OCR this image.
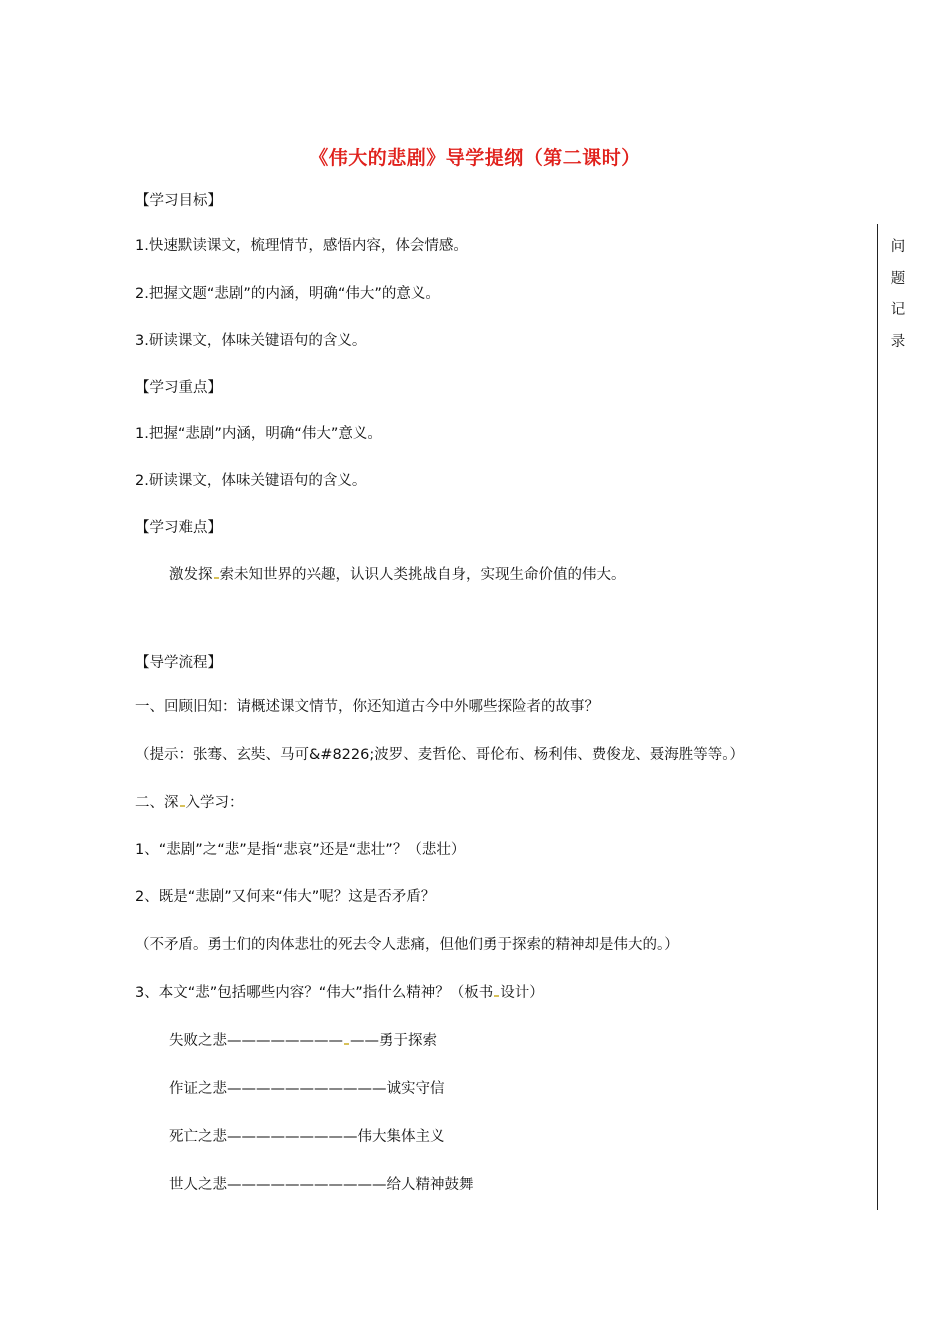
《伟大的悲剧》导学提纲（第二课时）
问
题
记
录
【学习目标】
1.快速默读课文，梳理情节，感悟内容，体会情感。
2.把握文题“悲剧”的内涵，明确“伟大”的意义。
3.研读课文，体味关键语句的含义。
【学习重点】
1.把握“悲剧”内涵，明确“伟大”意义。
2.研读课文，体味关键语句的含义。
【学习难点】
激发探 索未知世界的兴趣，认识人类挑战自身，实现生命价值的伟大。
【导学流程】
一、回顾旧知：请概述课文情节，你还知道古今中外哪些探险者的故事？
（提示：张骞、玄奘、马可&#8226;波罗、麦哲伦、哥伦布、杨利伟、费俊龙、聂海胜等等。）
二、深 入学习：
1、“悲剧”之“悲”是指“悲哀”还是“悲壮”？（悲壮）
2、既是“悲剧”又何来“伟大”呢？这是否矛盾？
（不矛盾。勇士们的肉体悲壮的死去令人悲痛，但他们勇于探索的精神却是伟大的。）
3、本文“悲”包括哪些内容？“伟大”指什么精神？（板书 设计）
失败之悲———————— ——勇于探索
作证之悲———————————诚实守信
死亡之悲—————————伟大集体主义
世人之悲———————————给人精神鼓舞
